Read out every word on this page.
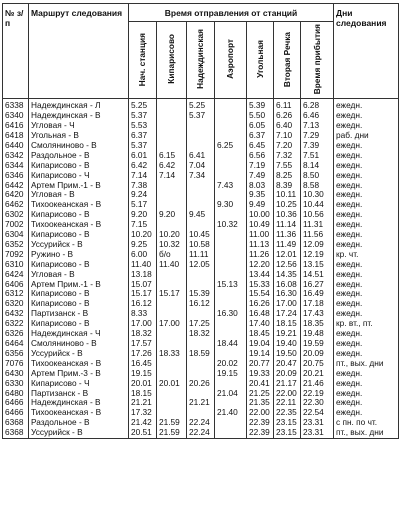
№ з/п	Маршрут следования	Время отправления от станций							Дни следования
		Нач. станция	Кипарисово	Надеждинская	Аэропорт	Угольная	Вторая Речка	Время прибытия	
6338	Надеждинская - Л	5.25		5.25		5.39	6.11	6.28	ежедн.
6340	Надеждинская - В	5.37		5.37		5.50	6.26	6.46	ежедн.
6416	Угловая - Ч	5.53				6.05	6.40	7.13	ежедн.
6418	Угольная - В	6.37				6.37	7.10	7.29	раб. дни
6440	Смоляниново - В	5.37			6.25	6.45	7.20	7.39	ежедн.
6342	Раздольное - В	6.01	6.15	6.41		6.56	7.32	7.51	ежедн.
6344	Кипарисово - В	6.42	6.42	7.04		7.19	7.55	8.14	ежедн.
6346	Кипарисово - Ч	7.14	7.14	7.34		7.49	8.25	8.50	ежедн.
6442	Артем Прим.-1 - В	7.38			7.43	8.03	8.39	8.58	ежедн.
6420	Угловая - В	9.24				9.35	10.11	10.30	ежедн.
6462	Тихоокеанская - В	5.17			9.30	9.49	10.25	10.44	ежедн.
6302	Кипарисово - В	9.20	9.20	9.45		10.00	10.36	10.56	ежедн.
7002	Тихоокеанская - В	7.15			10.32	10.49	11.14	11.31	ежедн.
6304	Кипарисово - В	10.20	10.20	10.45		11.00	11.36	11.56	ежедн.
6352	Уссурийск - В	9.25	10.32	10.58		11.13	11.49	12.09	ежедн.
7092	Ружино - В	6.00	б/о	11.11		11.26	12.01	12.19	кр. чт.
6310	Кипарисово - В	11.40	11.40	12.05		12.20	12.56	13.15	ежедн.
6424	Угловая - В	13.18				13.44	14.35	14.51	ежедн.
6406	Артем Прим.-1 - В	15.07			15.13	15.33	16.08	16.27	ежедн.
6312	Кипарисово - В	15.17	15.17	15.39		15.54	16.30	16.49	ежедн.
6320	Кипарисово - В	16.12		16.12		16.26	17.00	17.18	ежедн.
6432	Партизанск - В	8.33			16.30	16.48	17.24	17.43	ежедн.
6322	Кипарисово - В	17.00	17.00	17.25		17.40	18.15	18.35	кр. вт., пт.
6326	Надеждинская - Ч	18.32		18.32		18.45	19.21	19.48	ежедн.
6464	Смоляниново - В	17.57			18.44	19.04	19.40	19.59	ежедн.
6356	Уссурийск - В	17.26	18.33	18.59		19.14	19.50	20.09	ежедн.
7076	Тихоокеанская - В	16.45			20.02	20.77	20.47	20.75	пт., вых. дни
6430	Артем Прим.-3 - В	19.15			19.15	19.33	20.09	20.21	ежедн.
6330	Кипарисово - Ч	20.01	20.01	20.26		20.41	21.17	21.46	ежедн.
6480	Партизанск - В	18.15			21.04	21.25	22.00	22.19	ежедн.
6466	Надеждинская - В	21.21		21.21		21.35	22.11	22.30	ежедн.
6466	Тихоокеанская - В	17.32			21.40	22.00	22.35	22.54	ежедн.
6368	Раздольное - В	21.42	21.59	22.24		22.39	23.15	23.31	с пн. по чт.
6368	Уссурийск - В	20.51	21.59	22.24		22.39	23.15	23.31	пт., вых. дни
